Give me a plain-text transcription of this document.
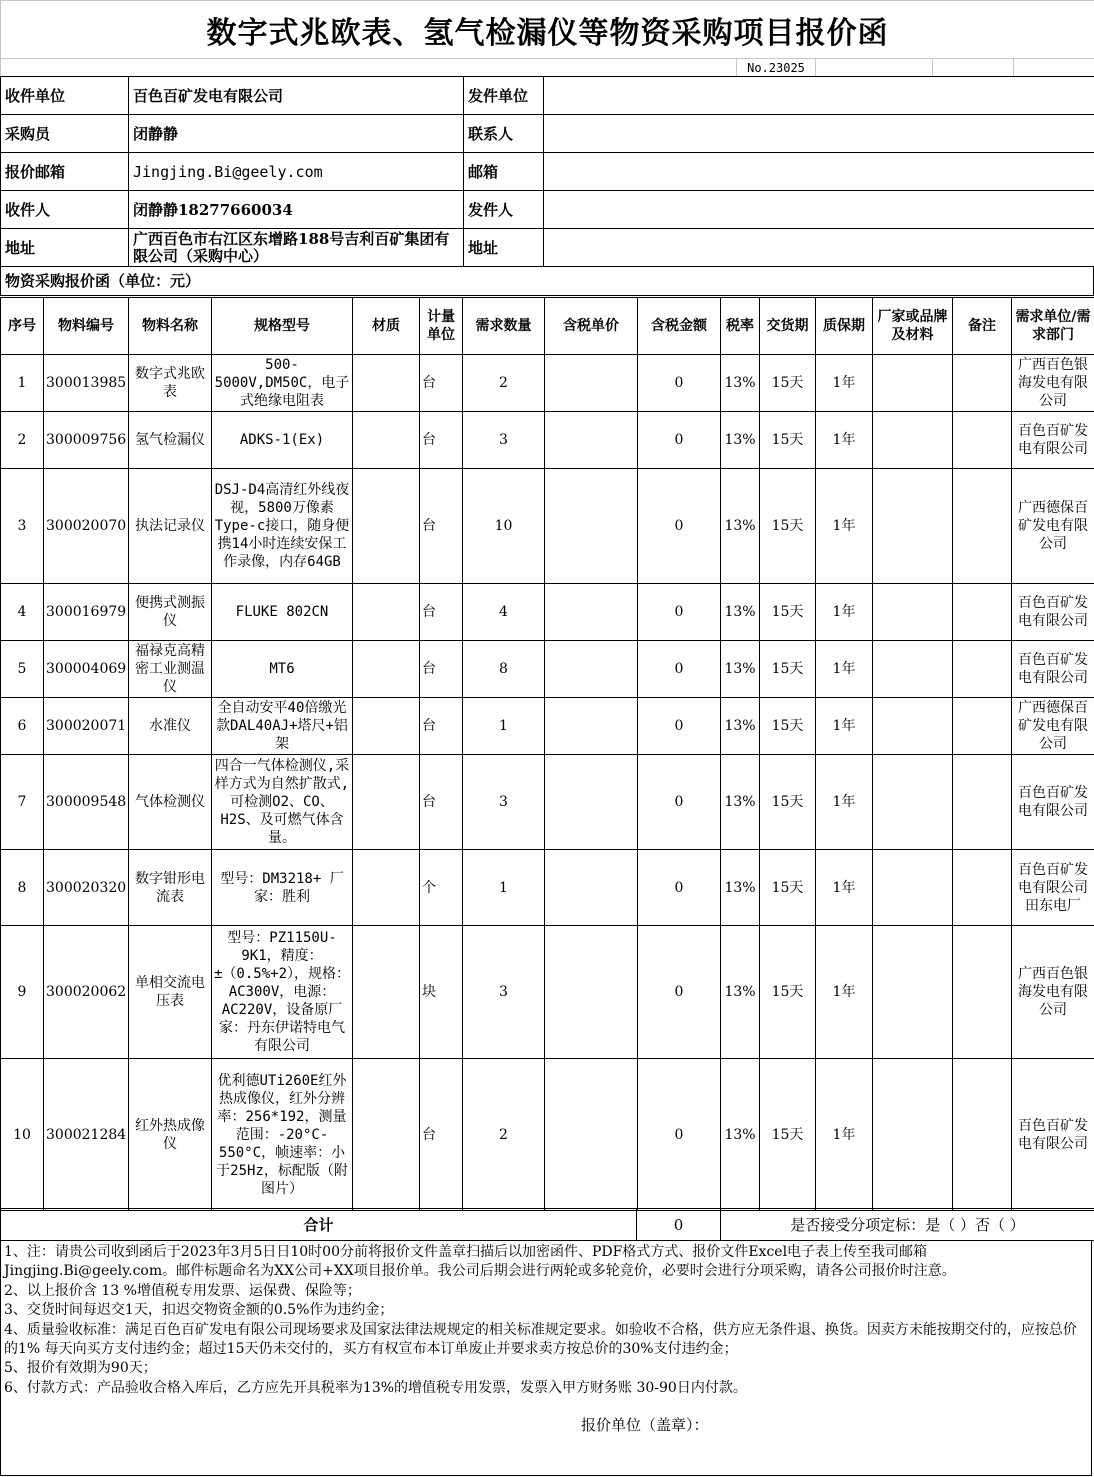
数字式兆欧表、氢气检漏仪等物资采购项目报价函
	No.23025			
收件单位	百色百矿发电有限公司	发件单位	
采购员	闭静静	联系人	
报价邮箱	Jingjing.Bi@geely.com	邮箱	
收件人	闭静静18277660034	发件人	
地址	广西百色市右江区东增路188号吉利百矿集团有限公司（采购中心）	地址	
物资采购报价函（单位：元）
序号	物料编号	物料名称	规格型号	材质	计量单位	需求数量	含税单价	含税金额	税率	交货期	质保期	厂家或品牌及材料	备注	需求单位/需求部门
1	300013985	数字式兆欧表	500-5000V,DM50C，电子式绝缘电阻表		台	2		0	13%	15天	1年			广西百色银海发电有限公司
2	300009756	氢气检漏仪	ADKS-1(Ex)		台	3		0	13%	15天	1年			百色百矿发电有限公司
3	300020070	执法记录仪	DSJ-D4高清红外线夜视，5800万像素Type-c接口，随身便携14小时连续安保工作录像，内存64GB		台	10		0	13%	15天	1年			广西德保百矿发电有限公司
4	300016979	便携式测振仪	FLUKE 802CN		台	4		0	13%	15天	1年			百色百矿发电有限公司
5	300004069	福禄克高精密工业测温仪	MT6		台	8		0	13%	15天	1年			百色百矿发电有限公司
6	300020071	水准仪	全自动安平40倍缴光款DAL40AJ+塔尺+铝架		台	1		0	13%	15天	1年			广西德保百矿发电有限公司
7	300009548	气体检测仪	四合一气体检测仪,采样方式为自然扩散式,可检测O2、CO、H2S、及可燃气体含量。		台	3		0	13%	15天	1年			百色百矿发电有限公司
8	300020320	数字钳形电流表	型号：DM3218+ 厂家：胜利		个	1		0	13%	15天	1年			百色百矿发电有限公司田东电厂
9	300020062	单相交流电压表	型号：PZ1150U-9K1，精度：±（0.5%+2），规格：AC300V，电源：AC220V，设备原厂家：丹东伊诺特电气有限公司		块	3		0	13%	15天	1年			广西百色银海发电有限公司
10	300021284	红外热成像仪	优利德UTi260E红外热成像仪，红外分辨率：256*192，测量范围：-20°C-550°C，帧速率：小于25Hz，标配版（附图片）		台	2		0	13%	15天	1年			百色百矿发电有限公司
合计	0	是否接受分项定标：是（ ）否（ ）

1、注：请贵公司收到函后于2023年3月5日日10时00分前将报价文件盖章扫描后以加密函件、PDF格式方式、报价文件Excel电子表上传至我司邮箱Jingjing.Bi@geely.com。邮件标题命名为XX公司+XX项目报价单。我公司后期会进行两轮或多轮竞价，必要时会进行分项采购，请各公司报价时注意。

2、以上报价含 13 %增值税专用发票、运保费、保险等；

3、交货时间每迟交1天，扣迟交物资金额的0.5%作为违约金；

4、质量验收标准：满足百色百矿发电有限公司现场要求及国家法律法规规定的相关标准规定要求。如验收不合格，供方应无条件退、换货。因卖方未能按期交付的，应按总价的1% 每天向买方支付违约金；超过15天仍未交付的，买方有权宣布本订单废止并要求卖方按总价的30%支付违约金；

5、报价有效期为90天；

6、付款方式：产品验收合格入库后，乙方应先开具税率为13%的增值税专用发票，发票入甲方财务账 30-90日内付款。

报价单位（盖章）：
